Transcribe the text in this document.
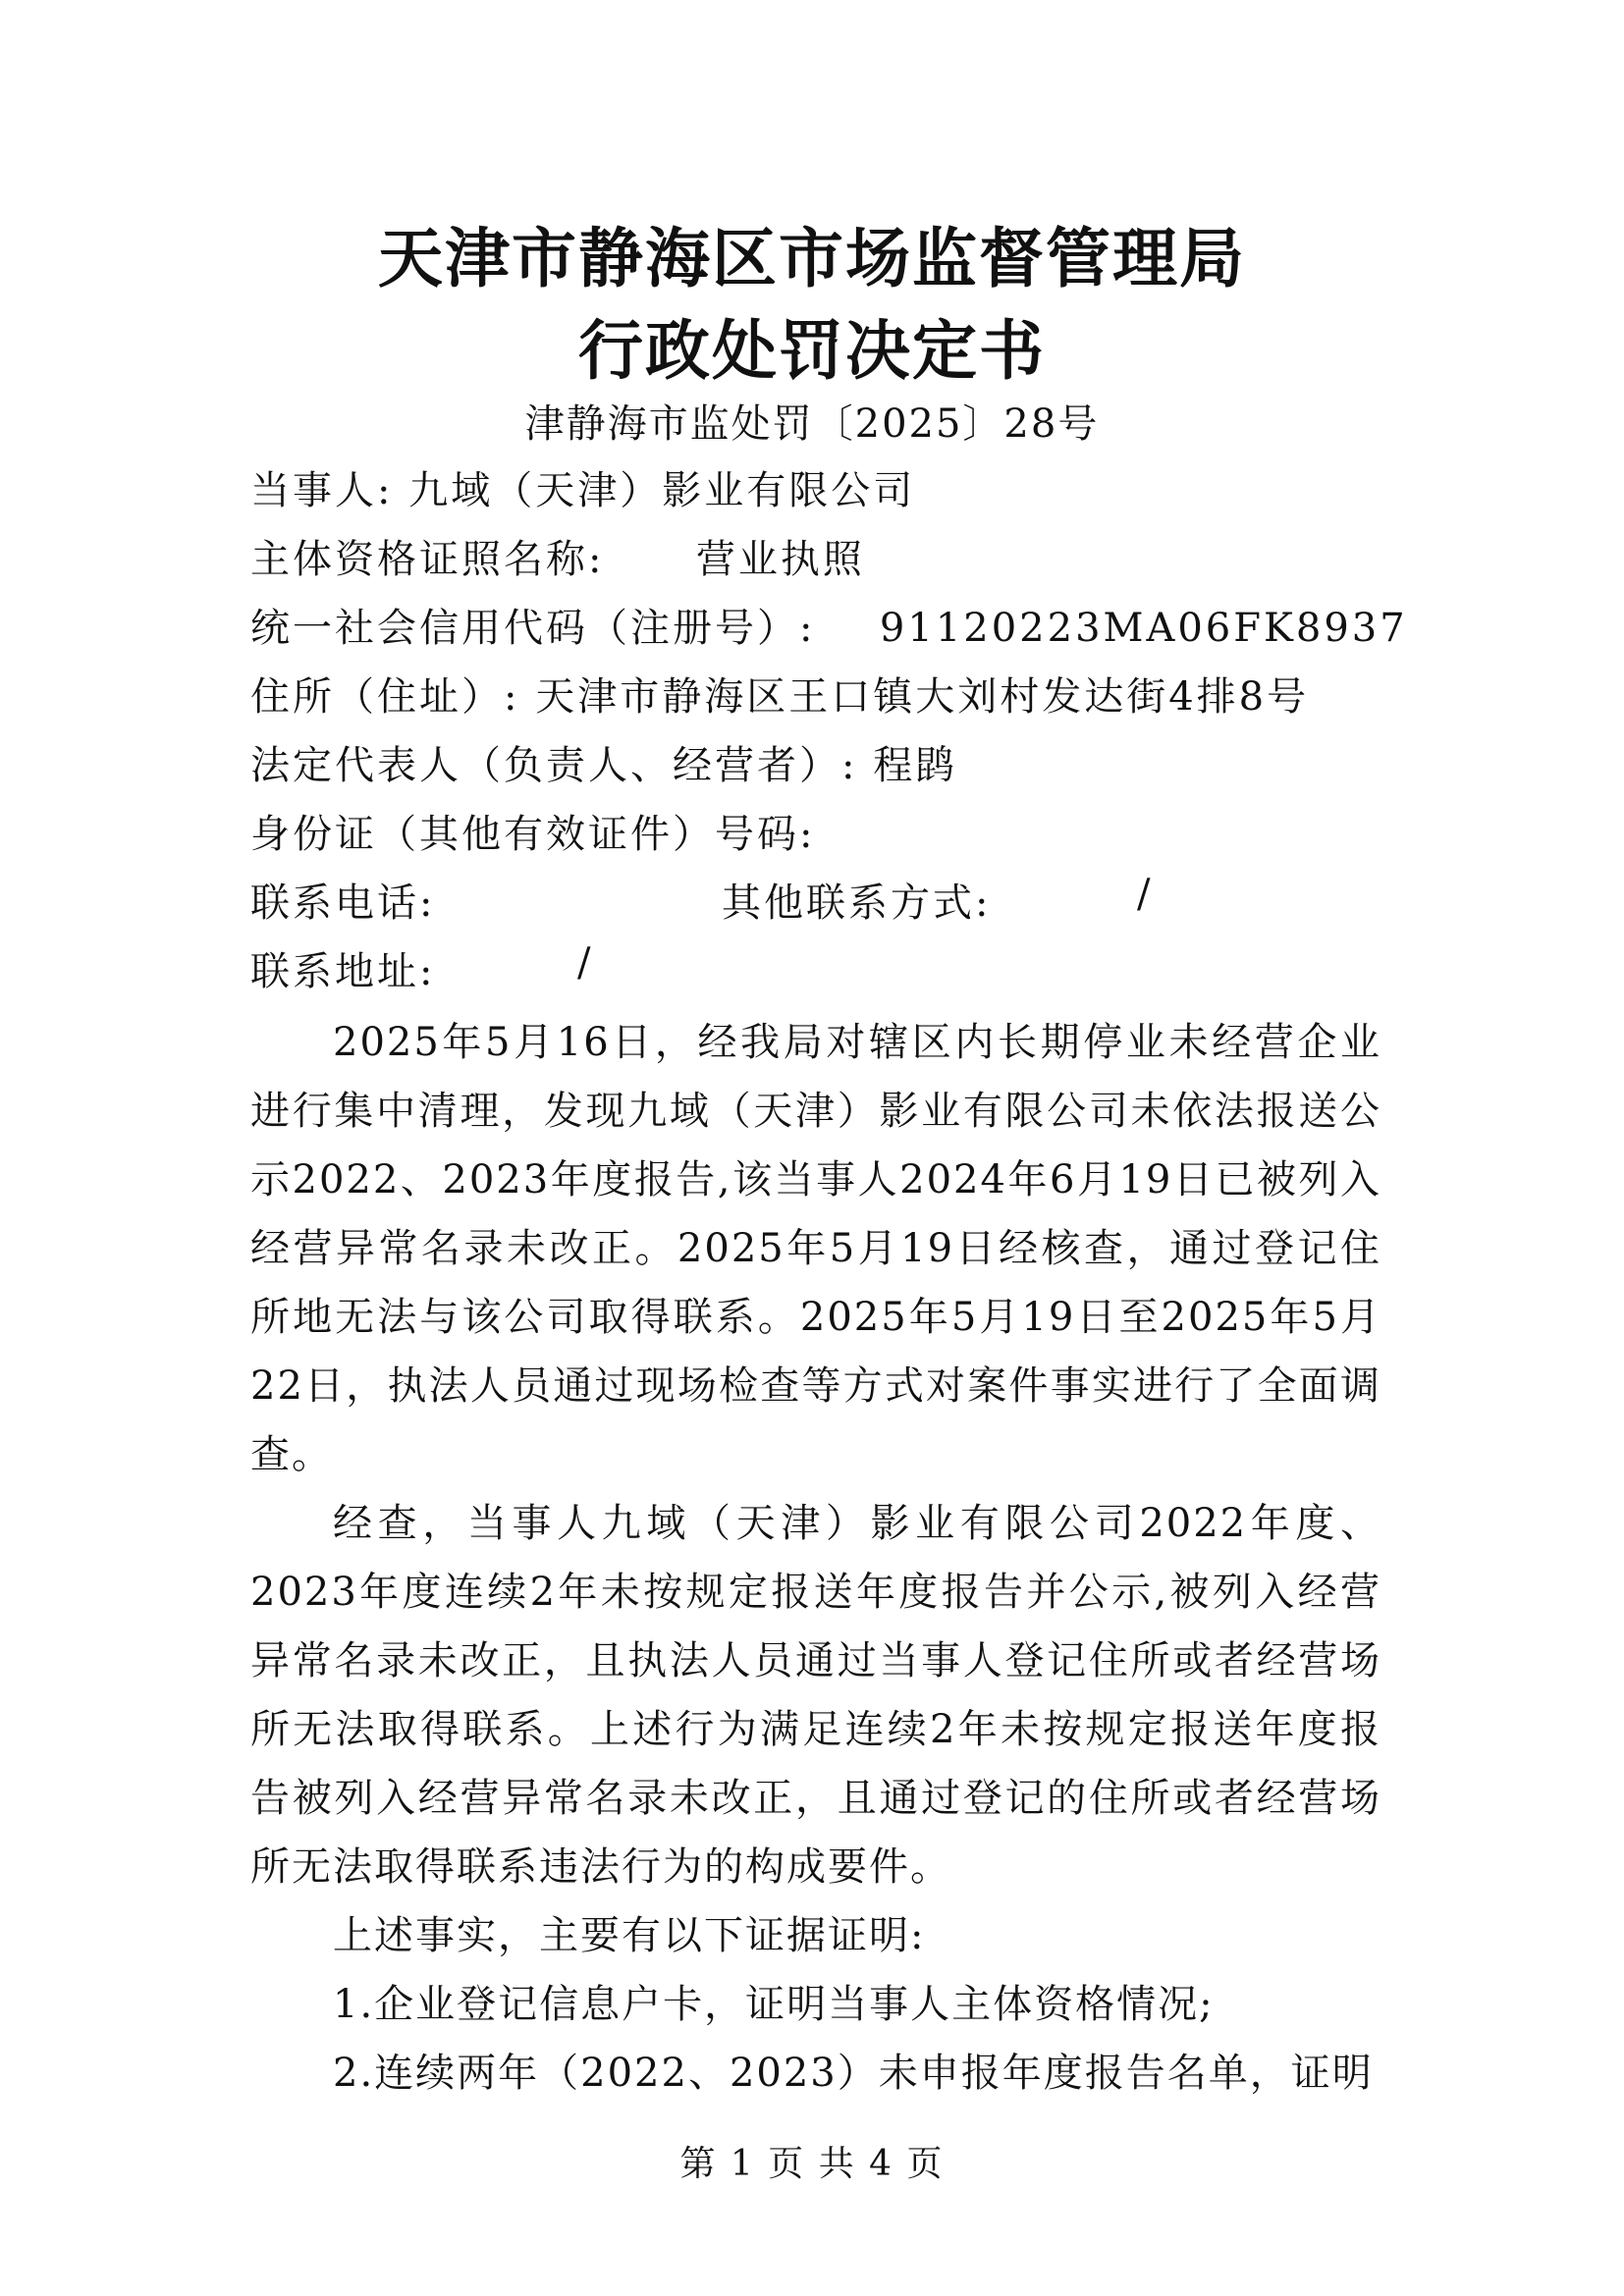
天津市静海区市场监督管理局
行政处罚决定书
津静海市监处罚〔2025〕28号
当事人: 九域（天津）影业有限公司
主体资格证照名称: 营业执照
统一社会信用代码（注册号）: 91120223MA06FK8937
住所（住址）: 天津市静海区王口镇大刘村发达街4排8号
法定代表人（负责人、经营者）: 程鹍
身份证（其他有效证件）号码:
联系电话:	其他联系方式:	/
联系地址:	/
2025年5月16日，经我局对辖区内长期停业未经营企业进行集中清理，发现九域（天津）影业有限公司未依法报送公示2022、2023年度报告,该当事人2024年6月19日已被列入经营异常名录未改正。2025年5月19日经核查，通过登记住所地无法与该公司取得联系。2025年5月19日至2025年5月22日，执法人员通过现场检查等方式对案件事实进行了全面调查。
经查，当事人九域（天津）影业有限公司2022年度、2023年度连续2年未按规定报送年度报告并公示,被列入经营异常名录未改正，且执法人员通过当事人登记住所或者经营场所无法取得联系。上述行为满足连续2年未按规定报送年度报告被列入经营异常名录未改正，且通过登记的住所或者经营场所无法取得联系违法行为的构成要件。
上述事实，主要有以下证据证明:
1.企业登记信息户卡，证明当事人主体资格情况;
2.连续两年（2022、2023）未申报年度报告名单，证明
第 1 页 共 4 页
